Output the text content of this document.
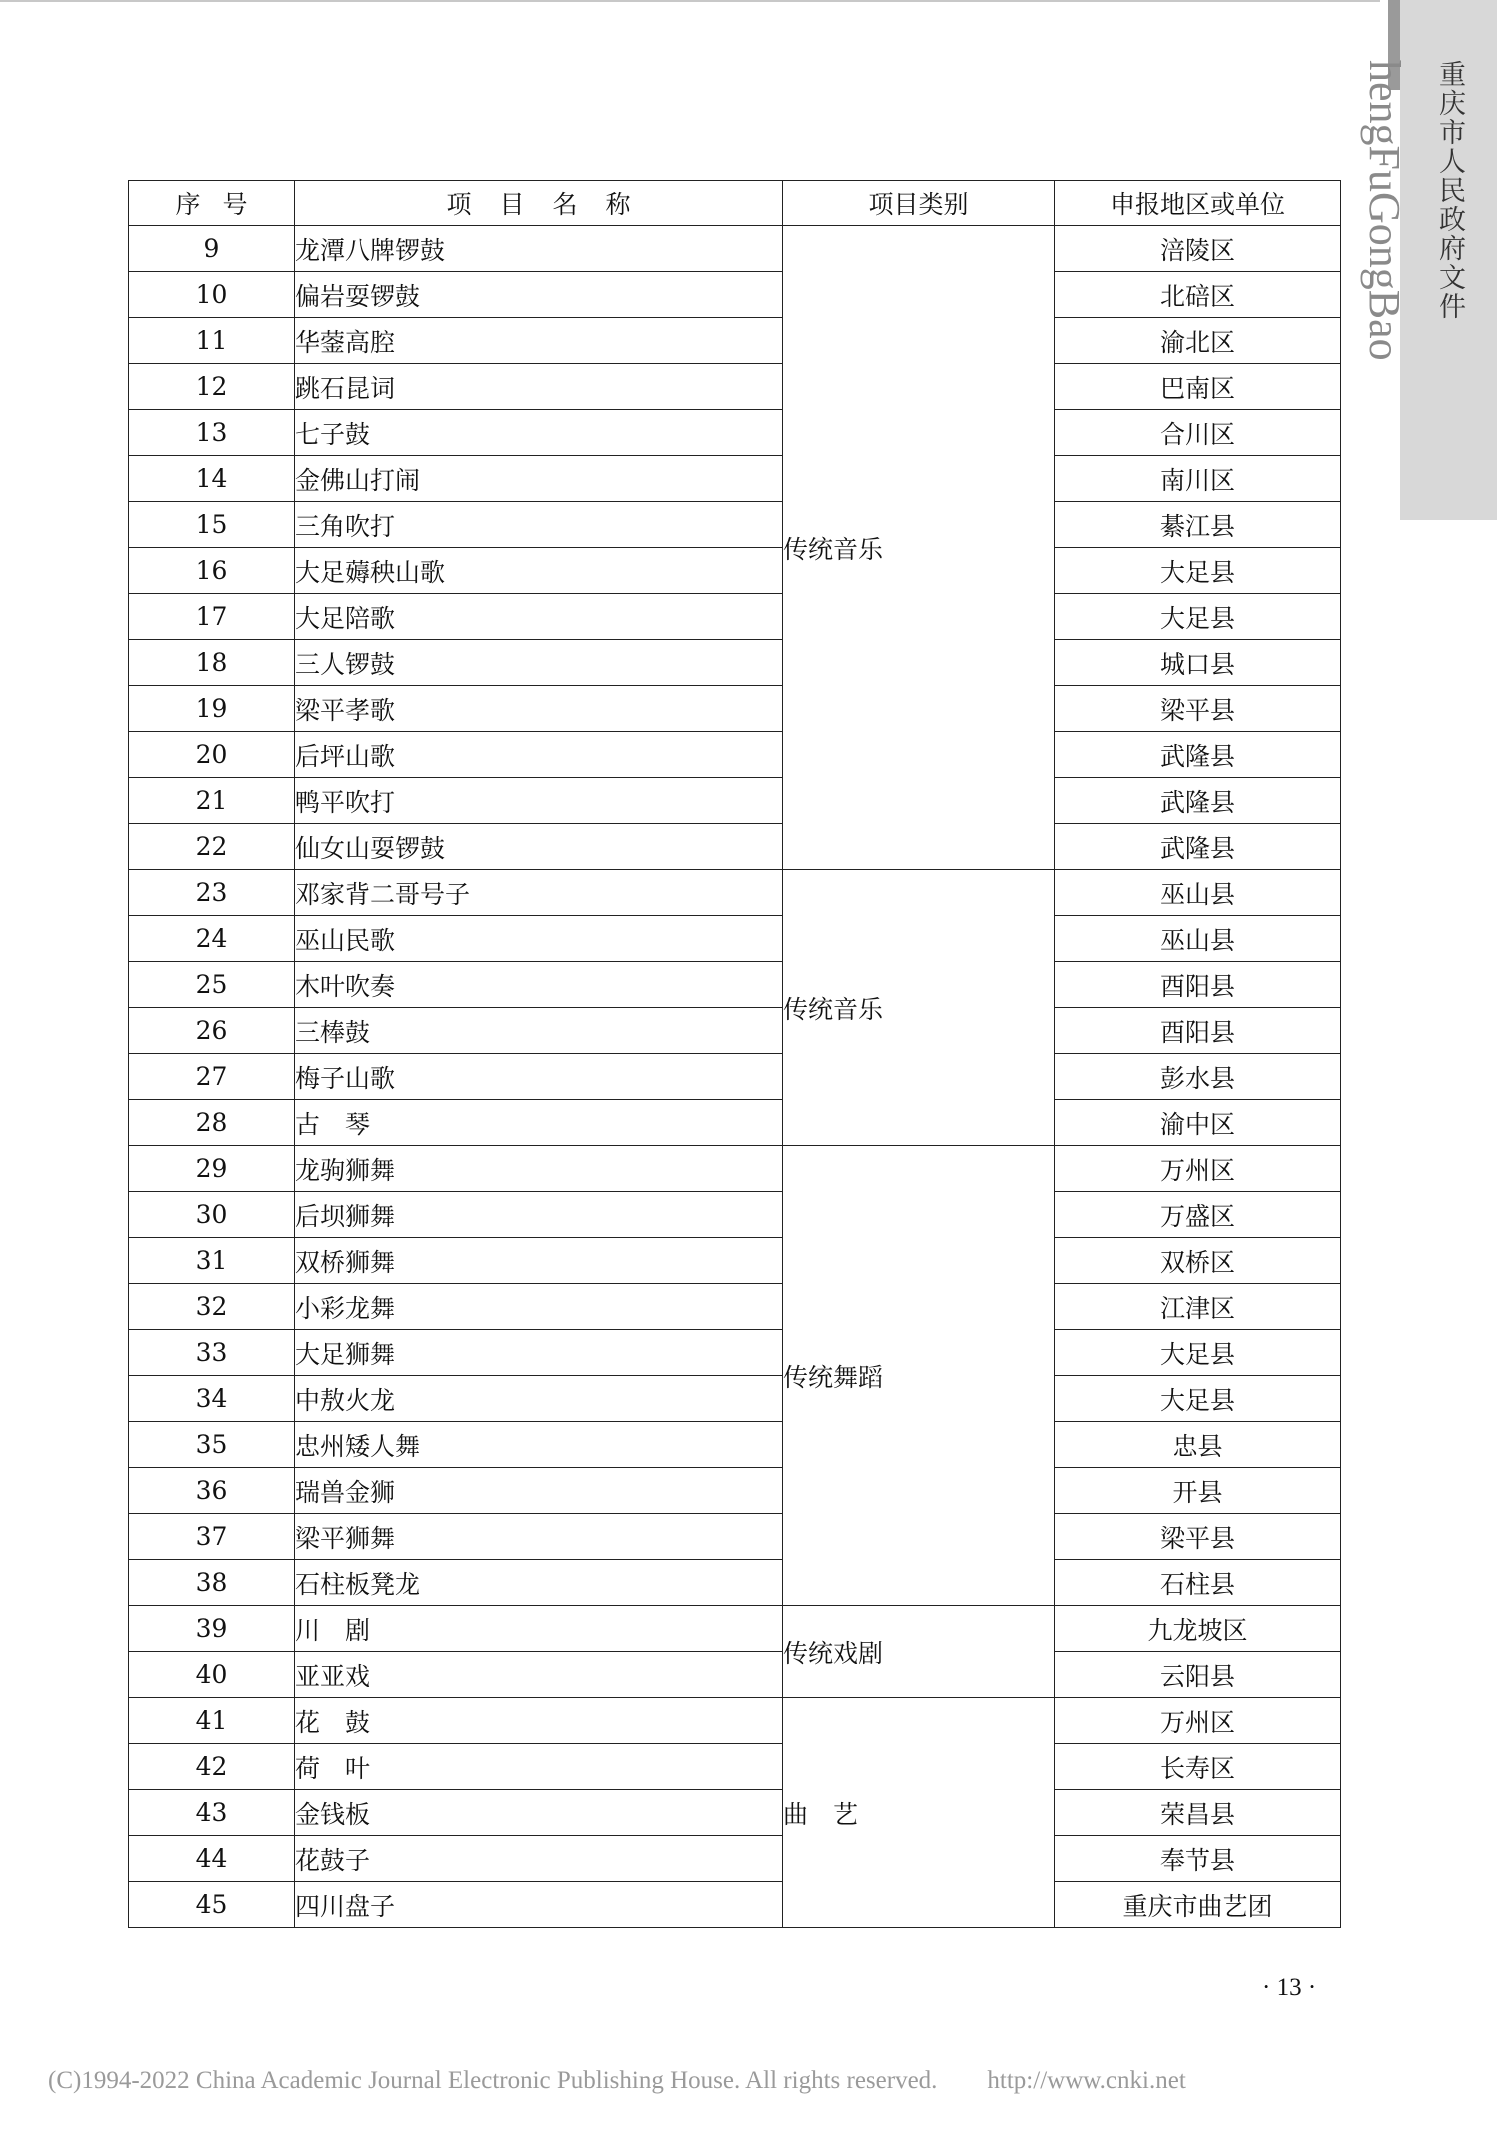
hengFuGongBao 重庆市人民政府文件
序号	项目名称	项目类别	申报地区或单位
9	龙潭八牌锣鼓	传统音乐	涪陵区
10	偏岩耍锣鼓		北碚区
11	华蓥高腔		渝北区
12	跳石昆词		巴南区
13	七子鼓		合川区
14	金佛山打闹		南川区
15	三角吹打		綦江县
16	大足薅秧山歌		大足县
17	大足陪歌		大足县
18	三人锣鼓		城口县
19	梁平孝歌		梁平县
20	后坪山歌		武隆县
21	鸭平吹打		武隆县
22	仙女山耍锣鼓		武隆县
23	邓家背二哥号子	传统音乐	巫山县
24	巫山民歌		巫山县
25	木叶吹奏		酉阳县
26	三棒鼓		酉阳县
27	梅子山歌		彭水县
28	古　琴		渝中区
29	龙驹狮舞	传统舞蹈	万州区
30	后坝狮舞		万盛区
31	双桥狮舞		双桥区
32	小彩龙舞		江津区
33	大足狮舞		大足县
34	中敖火龙		大足县
35	忠州矮人舞		忠县
36	瑞兽金狮		开县
37	梁平狮舞		梁平县
38	石柱板凳龙		石柱县
39	川　剧	传统戏剧	九龙坡区
40	亚亚戏		云阳县
41	花　鼓	曲　艺	万州区
42	荷　叶		长寿区
43	金钱板		荣昌县
44	花鼓子		奉节县
45	四川盘子		重庆市曲艺团
· 13 ·
(C)1994-2022 China Academic Journal Electronic Publishing House. All rights reserved.　　http://www.cnki.net
